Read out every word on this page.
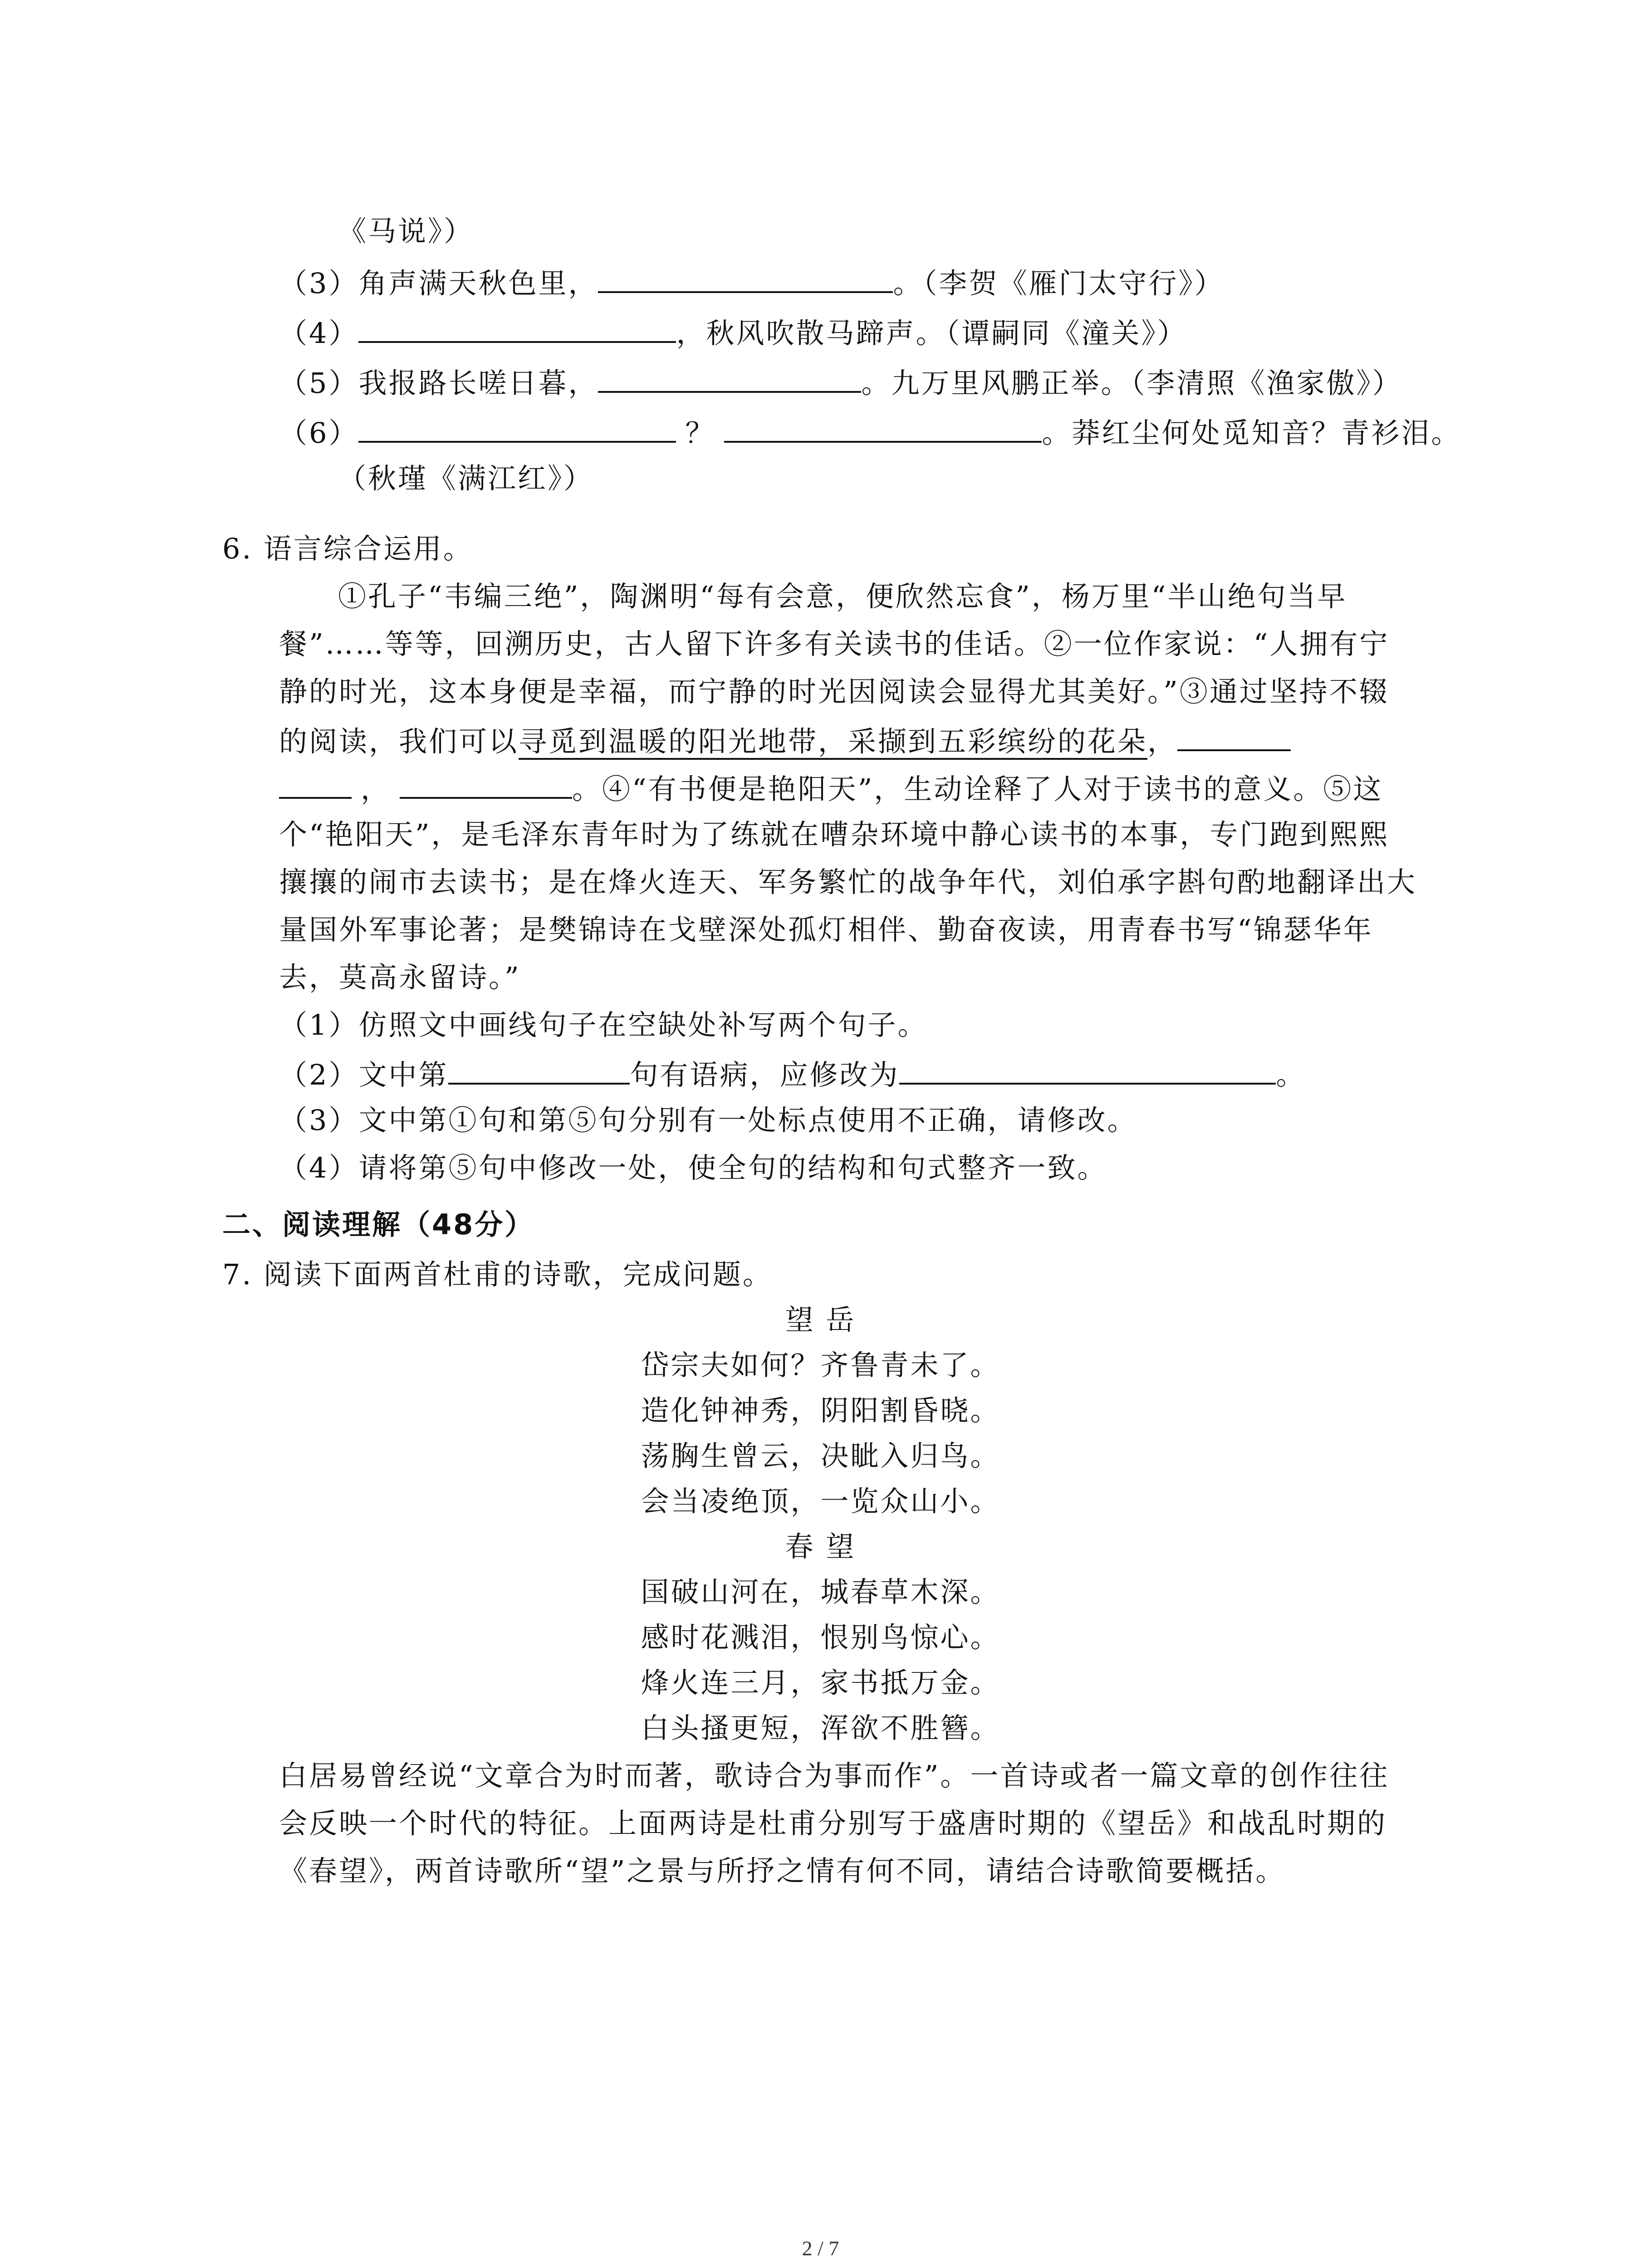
《马说》）
（3）角声满天秋色里，	。（李贺《雁门太守行》）
（4）	，秋风吹散马蹄声。（谭嗣同《潼关》）
（5）我报路长嗟日暮，	。九万里风鹏正举。（李清照《渔家傲》）
（6）	？	。莽红尘何处觅知音？青衫泪。
（秋瑾《满江红》）
6. 语言综合运用。
①孔子“韦编三绝”，陶渊明“每有会意，便欣然忘食”，杨万里“半山绝句当早
餐”……等等，回溯历史，古人留下许多有关读书的佳话。②一位作家说：“人拥有宁
静的时光，这本身便是幸福，而宁静的时光因阅读会显得尤其美好。”③通过坚持不辍
的阅读，我们可以寻觅到温暖的阳光地带，采撷到五彩缤纷的花朵，
，	。④“有书便是艳阳天”，生动诠释了人对于读书的意义。⑤这
个“艳阳天”，是毛泽东青年时为了练就在嘈杂环境中静心读书的本事，专门跑到熙熙
攘攘的闹市去读书；是在烽火连天、军务繁忙的战争年代，刘伯承字斟句酌地翻译出大
量国外军事论著；是樊锦诗在戈壁深处孤灯相伴、勤奋夜读，用青春书写“锦瑟华年
去，莫高永留诗。”
（1）仿照文中画线句子在空缺处补写两个句子。
（2）文中第	句有语病，应修改为	。
（3）文中第①句和第⑤句分别有一处标点使用不正确，请修改。
（4）请将第⑤句中修改一处，使全句的结构和句式整齐一致。
二、阅读理解（48分）
7. 阅读下面两首杜甫的诗歌，完成问题。
望 岳
岱宗夫如何？齐鲁青未了。
造化钟神秀，阴阳割昏晓。
荡胸生曾云，决眦入归鸟。
会当凌绝顶，一览众山小。
春 望
国破山河在，城春草木深。
感时花溅泪，恨别鸟惊心。
烽火连三月，家书抵万金。
白头搔更短，浑欲不胜簪。
白居易曾经说“文章合为时而著，歌诗合为事而作”。一首诗或者一篇文章的创作往往
会反映一个时代的特征。上面两诗是杜甫分别写于盛唐时期的《望岳》和战乱时期的
《春望》，两首诗歌所“望”之景与所抒之情有何不同，请结合诗歌简要概括。
2 / 7
